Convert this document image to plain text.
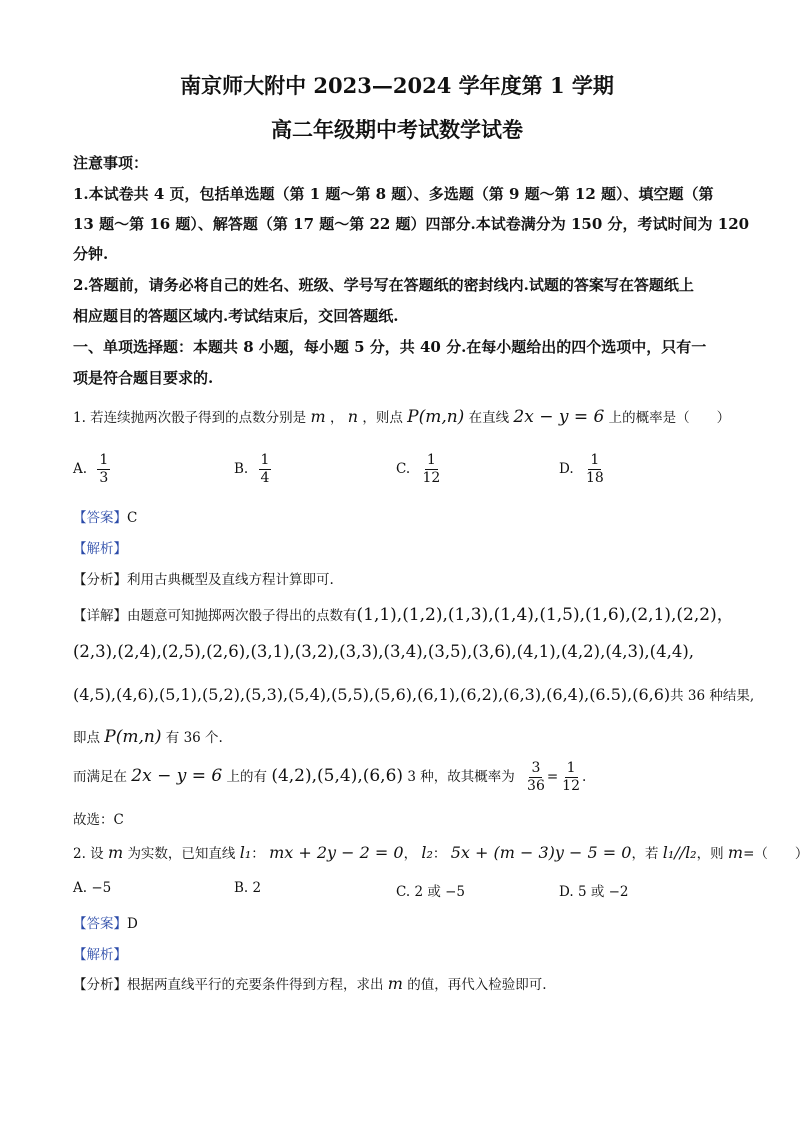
南京师大附中 2023—2024 学年度第 1 学期
高二年级期中考试数学试卷
注意事项：
1.本试卷共 4 页，包括单选题（第 1 题～第 8 题）、多选题（第 9 题～第 12 题）、填空题（第
13 题～第 16 题）、解答题（第 17 题～第 22 题）四部分.本试卷满分为 150 分，考试时间为 120
分钟.
2.答题前，请务必将自己的姓名、班级、学号写在答题纸的密封线内.试题的答案写在答题纸上
相应题目的答题区域内.考试结束后，交回答题纸.
一、单项选择题：本题共 8 小题，每小题 5 分，共 40 分.在每小题给出的四个选项中，只有一
项是符合题目要求的.
1. 若连续抛两次骰子得到的点数分别是 m ， n ，则点 P(m,n) 在直线 2x − y = 6 上的概率是（　　）
A. $\frac{1}{3}$	B. $\frac{1}{4}$	C. $\frac{1}{12}$	D. $\frac{1}{18}$
【答案】C
【解析】
【分析】利用古典概型及直线方程计算即可.
【详解】由题意可知抛掷两次骰子得出的点数有(1,1),(1,2),(1,3),(1,4),(1,5),(1,6),(2,1),(2,2)，
(2,3),(2,4),(2,5),(2,6),(3,1),(3,2),(3,3),(3,4),(3,5),(3,6),(4,1),(4,2),(4,3),(4,4),
(4,5),(4,6),(5,1),(5,2),(5,3),(5,4),(5,5),(5,6),(6,1),(6,2),(6,3),(6,4),(6.5),(6,6)共 36 种结果,
即点 P(m,n) 有 36 个.
而满足在 2x − y = 6 上的有 (4,2),(5,4),(6,6) 3 种，故其概率为 $\frac{3}{36} = \frac{1}{12}$ .
故选：C
2. 设 m 为实数，已知直线 l₁： mx + 2y − 2 = 0， l₂： 5x + (m − 3)y − 5 = 0，若 l₁//l₂，则 m=（　　）
A. −5	B. 2	C. 2 或 −5	D. 5 或 −2
【答案】D
【解析】
【分析】根据两直线平行的充要条件得到方程，求出 m 的值，再代入检验即可.
